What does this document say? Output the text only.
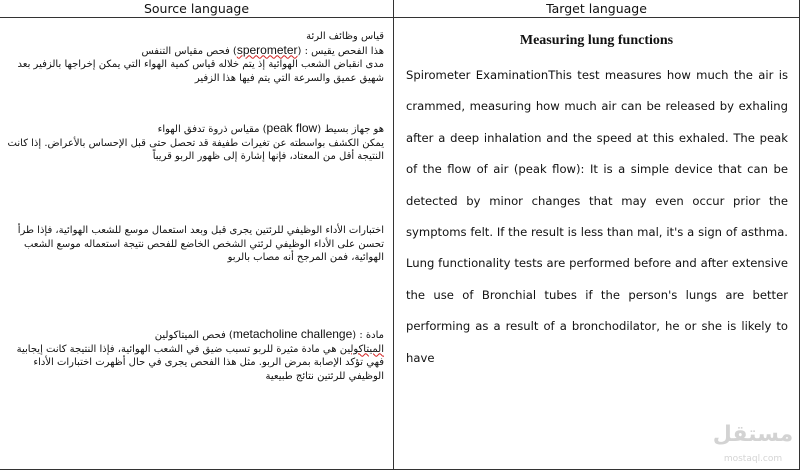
Source language	Target language
قياس وظائف الرئة
هذا الفحص يقيس : (sperometer) فحص مقياس التنفس
مدى انقباض الشعب الهوائية إذ يتم خلاله قياس كمية الهواء التي يمكن إخراجها بالزفير بعد شهيق عميق والسرعة التي يتم فيها هذا الزفير
هو جهاز بسيط (peak flow) مقياس ذروة تدفق الهواء
يمكن الكشف بواسطته عن تغيرات طفيفة قد تحصل حتى قبل الإحساس بالأعراض. إذا كانت النتيجة أقل من المعتاد، فإنها إشارة إلى ظهور الربو قريباً
اختبارات الأداء الوظيفي للرئتين يجرى قبل وبعد استعمال موسع للشعب الهوائية، فإذا طرأ تحسن على الأداء الوظيفي لرئتي الشخص الخاضع للفحص نتيجة استعماله موسع الشعب الهوائية، فمن المرجح أنه مصاب بالربو
مادة : (metacholine challenge) فحص الميتاكولين
الميتاكولين هي مادة مثيرة للربو تسبب ضيق في الشعب الهوائية، فإذا النتيجة كانت إيجابية فهي تؤكد الإصابة بمرض الربو. مثل هذا الفحص يجرى في حال أظهرت اختبارات الأداء الوظيفي للرئتين نتائج طبيعية
Measuring lung functions
Spirometer ExaminationThis test measures how much the air is crammed, measuring how much air can be released by exhaling after a deep inhalation and the speed at this exhaled. The peak of the flow of air (peak flow): It is a simple device that can be detected by minor changes that may even occur prior the symptoms felt. If the result is less than mal, it's a sign of asthma. Lung functionality tests are performed before and after extensive the use of Bronchial tubes if the person's lungs are better performing as a result of a bronchodilator, he or she is likely to have
مستقل
mostaql.com
